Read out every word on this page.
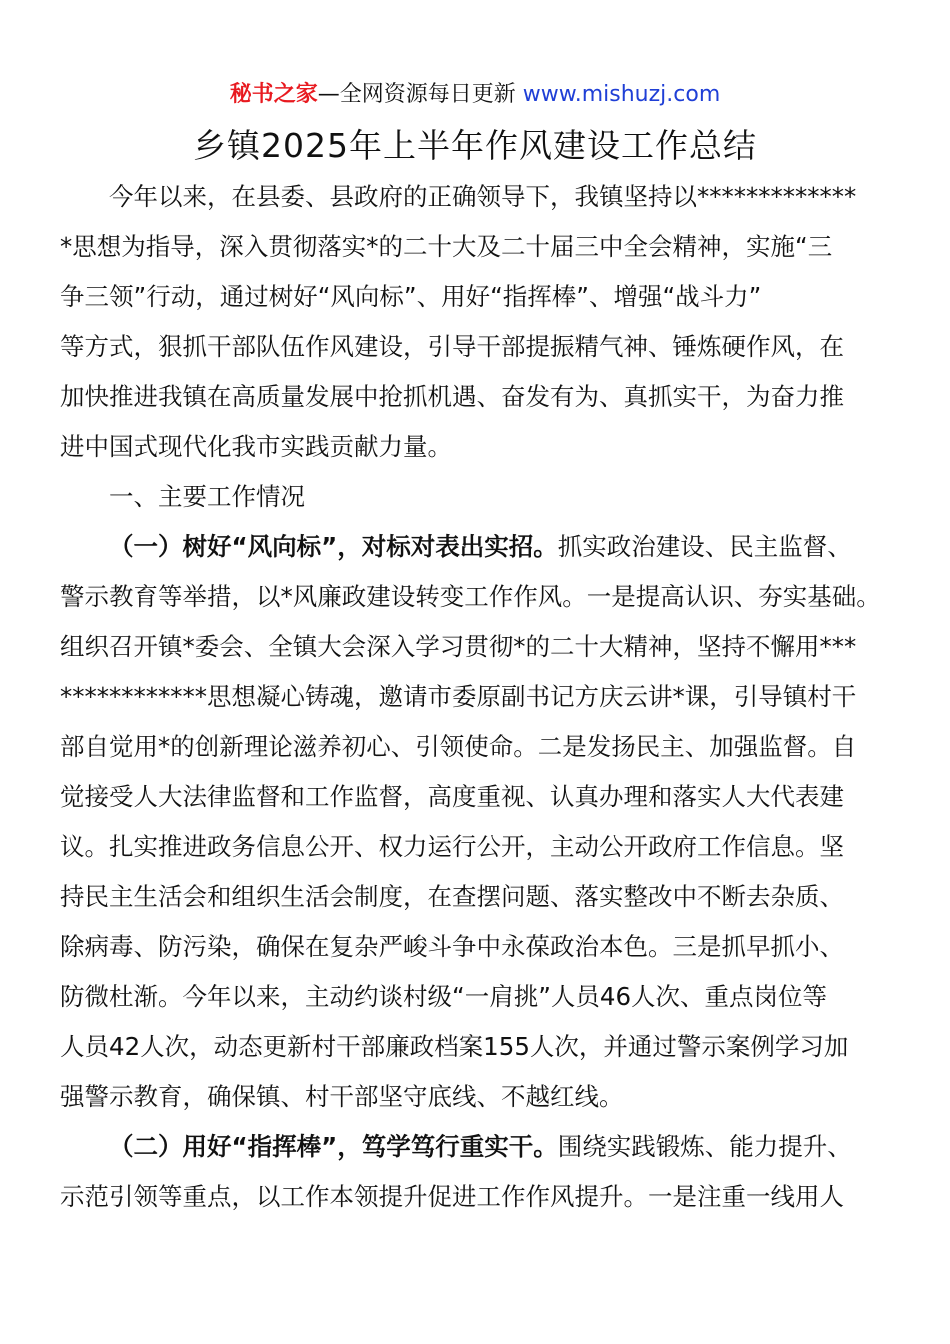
秘书之家—全网资源每日更新 www.mishuzj.com
乡镇2025年上半年作风建设工作总结
今年以来，在县委、县政府的正确领导下，我镇坚持以*************
*思想为指导，深入贯彻落实*的二十大及二十届三中全会精神，实施“三
争三领”行动，通过树好“风向标”、用好“指挥棒”、增强“战斗力”
等方式，狠抓干部队伍作风建设，引导干部提振精气神、锤炼硬作风，在
加快推进我镇在高质量发展中抢抓机遇、奋发有为、真抓实干，为奋力推
进中国式现代化我市实践贡献力量。
一、主要工作情况
（一）树好“风向标”，对标对表出实招。抓实政治建设、民主监督、
警示教育等举措，以*风廉政建设转变工作作风。一是提高认识、夯实基础。
组织召开镇*委会、全镇大会深入学习贯彻*的二十大精神，坚持不懈用***
************思想凝心铸魂，邀请市委原副书记方庆云讲*课，引导镇村干
部自觉用*的创新理论滋养初心、引领使命。二是发扬民主、加强监督。自
觉接受人大法律监督和工作监督，高度重视、认真办理和落实人大代表建
议。扎实推进政务信息公开、权力运行公开，主动公开政府工作信息。坚
持民主生活会和组织生活会制度，在查摆问题、落实整改中不断去杂质、
除病毒、防污染，确保在复杂严峻斗争中永葆政治本色。三是抓早抓小、
防微杜渐。今年以来，主动约谈村级“一肩挑”人员46人次、重点岗位等
人员42人次，动态更新村干部廉政档案155人次，并通过警示案例学习加
强警示教育，确保镇、村干部坚守底线、不越红线。
（二）用好“指挥棒”，笃学笃行重实干。围绕实践锻炼、能力提升、
示范引领等重点，以工作本领提升促进工作作风提升。一是注重一线用人
